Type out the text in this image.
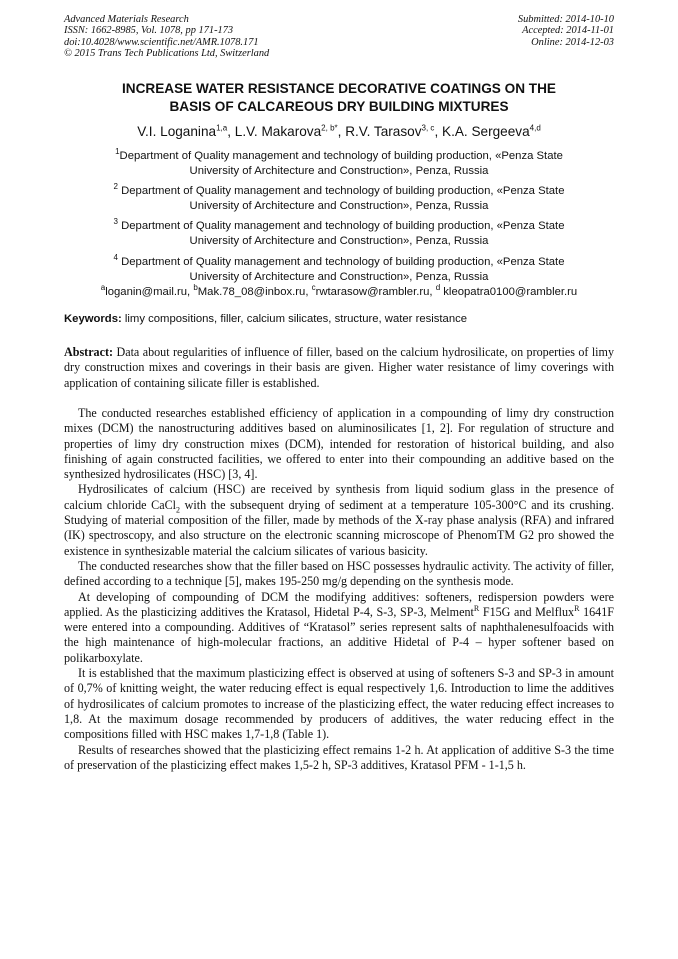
Advanced Materials Research
ISSN: 1662-8985, Vol. 1078, pp 171-173
doi:10.4028/www.scientific.net/AMR.1078.171
© 2015 Trans Tech Publications Ltd, Switzerland
Submitted: 2014-10-10
Accepted: 2014-11-01
Online: 2014-12-03
INCREASE WATER RESISTANCE DECORATIVE COATINGS ON THE
BASIS OF CALCAREOUS DRY BUILDING MIXTURES
V.I. Loganina$^{1,a}$, L.V. Makarova$^{2, b*}$, R.V. Tarasov$^{3, c}$, K.A. Sergeeva$^{4,d}$
$^1$Department of Quality management and technology of building production, «Penza State
University of Architecture and Construction», Penza, Russia
$^2$ Department of Quality management and technology of building production, «Penza State
University of Architecture and Construction», Penza, Russia
$^3$ Department of Quality management and technology of building production, «Penza State
University of Architecture and Construction», Penza, Russia
$^4$ Department of Quality management and technology of building production, «Penza State
University of Architecture and Construction», Penza, Russia
$^a$loganin@mail.ru, $^b$Mak.78_08@inbox.ru, $^c$rwtarasow@rambler.ru, $^d$ kleopatra0100@rambler.ru
Keywords: limy compositions, filler, calcium silicates, structure, water resistance

Abstract: Data about regularities of influence of filler, based on the calcium hydrosilicate, on properties of limy dry construction mixes and coverings in their basis are given. Higher water resistance of limy coverings with application of containing silicate filler is established.

The conducted researches established efficiency of application in a compounding of limy dry construction mixes (DCM) the nanostructuring additives based on aluminosilicates [1, 2]. For regulation of structure and properties of limy dry construction mixes (DCM), intended for restoration of historical building, and also finishing of again constructed facilities, we offered to enter into their compounding an additive based on the synthesized hydrosilicates (HSC) [3, 4].

Hydrosilicates of calcium (HSC) are received by synthesis from liquid sodium glass in the presence of calcium chloride CaCl$_2$ with the subsequent drying of sediment at a temperature 105-300°C and its crushing. Studying of material composition of the filler, made by methods of the X-ray phase analysis (RFA) and infrared (IK) spectroscopy, and also structure on the electronic scanning microscope of PhenomTM G2 pro showed the existence in synthesizable material the calcium silicates of various basicity.

The conducted researches show that the filler based on HSC possesses hydraulic activity. The activity of filler, defined according to a technique [5], makes 195-250 mg/g depending on the synthesis mode.

At developing of compounding of DCM the modifying additives: softeners, redispersion powders were applied. As the plasticizing additives the Kratasol, Hidetal P-4, S-3, SP-3, Melment$^R$ F15G and Melflux$^R$ 1641F were entered into a compounding. Additives of “Kratasol” series represent salts of naphthalenesulfoacids with the high maintenance of high-molecular fractions, an additive Hidetal of P-4 – hyper softener based on polikarboxylate.

It is established that the maximum plasticizing effect is observed at using of softeners S-3 and SP-3 in amount of 0,7% of knitting weight, the water reducing effect is equal respectively 1,6. Introduction to lime the additives of hydrosilicates of calcium promotes to increase of the plasticizing effect, the water reducing effect increases to 1,8. At the maximum dosage recommended by producers of additives, the water reducing effect in the compositions filled with HSC makes 1,7-1,8 (Table 1).

Results of researches showed that the plasticizing effect remains 1-2 h. At application of additive S-3 the time of preservation of the plasticizing effect makes 1,5-2 h, SP-3 additives, Kratasol PFM - 1-1,5 h.
